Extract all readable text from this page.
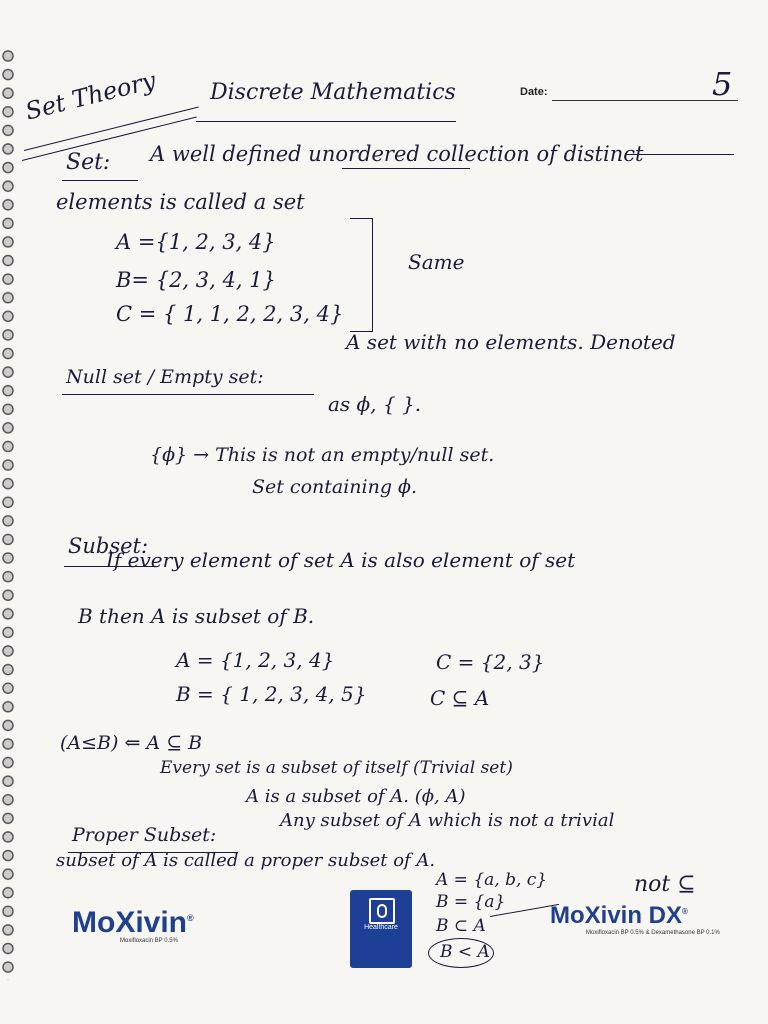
Set Theory Discrete Mathematics	Date:	5
Set: A well defined unordered collection of distinct
elements is called a set
A ={1, 2, 3, 4}
B= {2, 3, 4, 1}
C = { 1, 1, 2, 2, 3, 4}
Same
Null set / Empty set:
A set with no elements. Denoted
as ϕ, { }.
{ϕ} → This is not an empty/null set.
Set containing ϕ.
Subset:
If every element of set A is also element of set
B then A is subset of B.
A = {1, 2, 3, 4}
B = { 1, 2, 3, 4, 5}
C = {2, 3}
C ⊆ A
(A≤B) ⇐ A ⊆ B
Every set is a subset of itself (Trivial set)
A is a subset of A. (ϕ, A)
Proper Subset:
Any subset of A which is not a trivial
subset of A is called a proper subset of A.
A = {a, b, c}
B = {a}
B ⊂ A
B < A
not ⊆
MoXivin®
Moxifloxacin BP 0.5%
Healthcare	MoXivin DX®
Moxifloxacin BP 0.5% & Dexamethasone BP 0.1%
